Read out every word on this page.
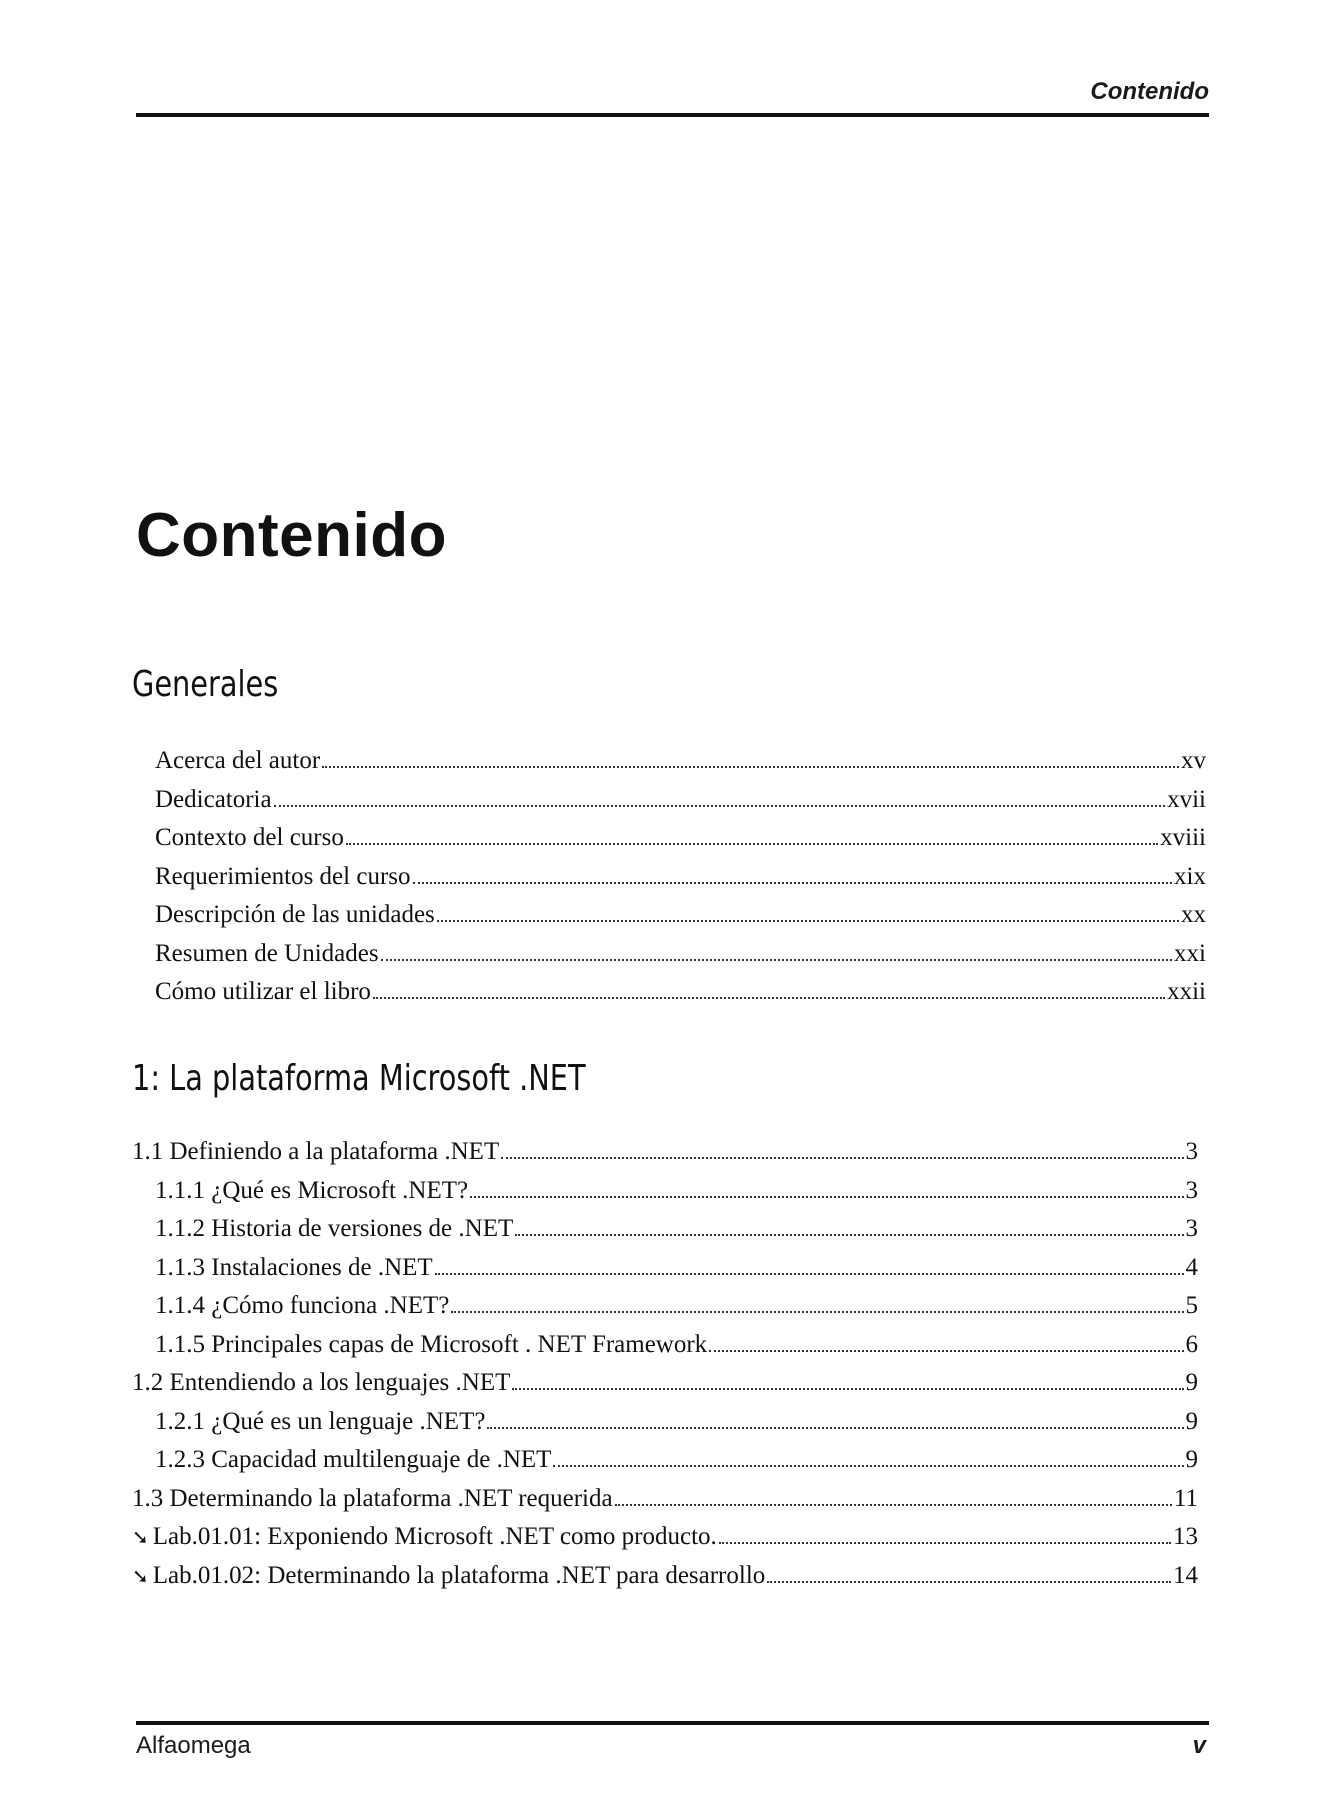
Contenido
Contenido
Generales
Acerca del autor	xv
Dedicatoria	xvii
Contexto del curso	xviii
Requerimientos del curso	xix
Descripción de las unidades	xx
Resumen de Unidades	xxi
Cómo utilizar el libro	xxii
1: La plataforma Microsoft .NET
1.1 Definiendo a la plataforma .NET	3
1.1.1 ¿Qué es Microsoft .NET?	3
1.1.2 Historia de versiones de .NET	3
1.1.3 Instalaciones de .NET	4
1.1.4 ¿Cómo funciona .NET?	5
1.1.5 Principales capas de Microsoft . NET Framework	6
1.2 Entendiendo a los lenguajes .NET	9
1.2.1 ¿Qué es un lenguaje .NET?	9
1.2.3 Capacidad multilenguaje de .NET	9
1.3 Determinando la plataforma .NET requerida	11
➘ Lab.01.01: Exponiendo Microsoft .NET como producto.	13
➘ Lab.01.02: Determinando la plataforma .NET para desarrollo	14
Alfaomega	v
